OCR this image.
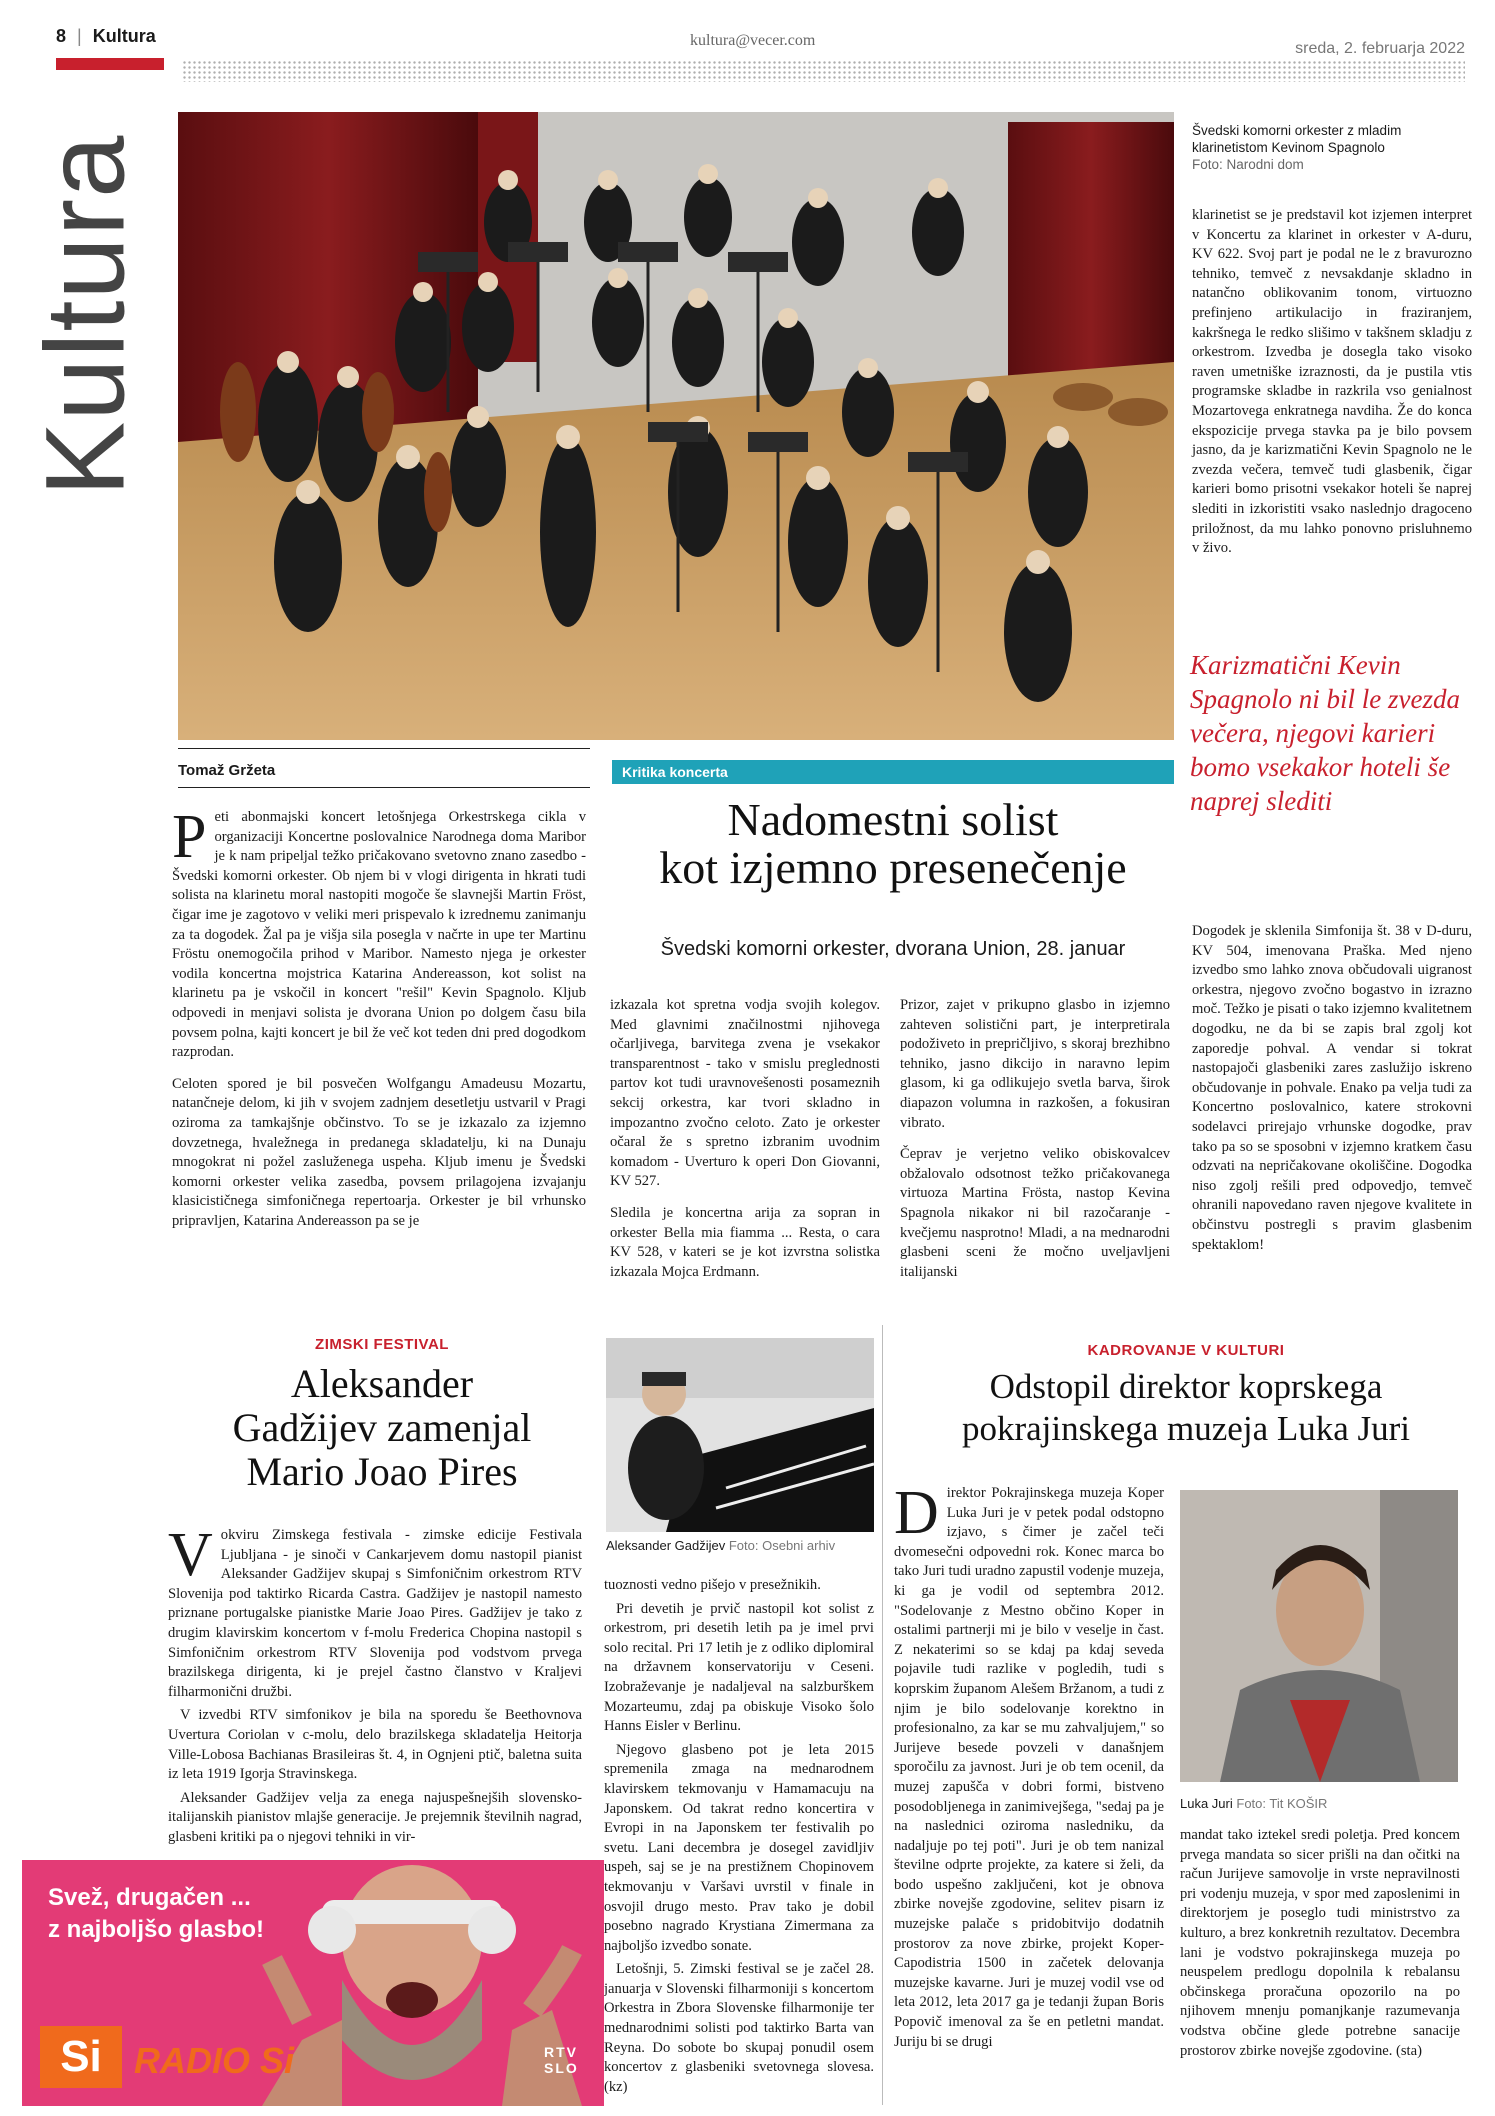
8 | Kultura	kultura@vecer.com	sreda, 2. februarja 2022
Kultura
Švedski komorni orkester z mladim klarinetistom Kevinom Spagnolo
Foto: Narodni dom
Tomaž Gržeta	Kritika koncerta
Nadomestni solist
kot izjemno presenečenje
Švedski komorni orkester, dvorana Union, 28. januar

Peti abonmajski koncert letošnjega Orkestrskega cikla v organizaciji Koncertne poslovalnice Narodnega doma Maribor je k nam pripeljal težko pričakovano svetovno znano zasedbo - Švedski komorni orkester. Ob njem bi v vlogi dirigenta in hkrati tudi solista na klarinetu moral nastopiti mogoče še slavnejši Martin Fröst, čigar ime je zagotovo v veliki meri prispevalo k izrednemu zanimanju za ta dogodek. Žal pa je višja sila posegla v načrte in upe ter Martinu Fröstu onemogočila prihod v Maribor. Namesto njega je orkester vodila koncertna mojstrica Katarina Andereasson, kot solist na klarinetu pa je vskočil in koncert "rešil" Kevin Spagnolo. Kljub odpovedi in menjavi solista je dvorana Union po dolgem času bila povsem polna, kajti koncert je bil že več kot teden dni pred dogodkom razprodan.

Celoten spored je bil posvečen Wolfgangu Amadeusu Mozartu, natančneje delom, ki jih v svojem zadnjem desetletju ustvaril v Pragi oziroma za tamkajšnje občinstvo. To se je izkazalo za izjemno dovzetnega, hvaležnega in predanega skladatelju, ki na Dunaju mnogokrat ni požel zasluženega uspeha. Kljub imenu je Švedski komorni orkester velika zasedba, povsem prilagojena izvajanju klasicističnega simfoničnega repertoarja. Orkester je bil vrhunsko pripravljen, Katarina Andereasson pa se je

izkazala kot spretna vodja svojih kolegov. Med glavnimi značilnostmi njihovega očarljivega, barvitega zvena je vsekakor transparentnost - tako v smislu preglednosti partov kot tudi uravnovešenosti posameznih sekcij orkestra, kar tvori skladno in impozantno zvočno celoto. Zato je orkester očaral že s spretno izbranim uvodnim komadom - Uverturo k operi Don Giovanni, KV 527.

Sledila je koncertna arija za sopran in orkester Bella mia fiamma ... Resta, o cara KV 528, v kateri se je kot izvrstna solistka izkazala Mojca Erdmann.

Prizor, zajet v prikupno glasbo in izjemno zahteven solistični part, je interpretirala podoživeto in prepričljivo, s skoraj brezhibno tehniko, jasno dikcijo in naravno lepim glasom, ki ga odlikujejo svetla barva, širok diapazon volumna in razkošen, a fokusiran vibrato.

Čeprav je verjetno veliko obiskovalcev obžalovalo odsotnost težko pričakovanega virtuoza Martina Frösta, nastop Kevina Spagnola nikakor ni bil razočaranje - kvečjemu nasprotno! Mladi, a na mednarodni glasbeni sceni že močno uveljavljeni italijanski

klarinetist se je predstavil kot izjemen interpret v Koncertu za klarinet in orkester v A-duru, KV 622. Svoj part je podal ne le z bravurozno tehniko, temveč z nevsakdanje skladno in natančno oblikovanim tonom, virtuozno prefinjeno artikulacijo in fraziranjem, kakršnega le redko slišimo v takšnem skladju z orkestrom. Izvedba je dosegla tako visoko raven umetniške izraznosti, da je pustila vtis programske skladbe in razkrila vso genialnost Mozartovega enkratnega navdiha. Že do konca ekspozicije prvega stavka pa je bilo povsem jasno, da je karizmatični Kevin Spagnolo ne le zvezda večera, temveč tudi glasbenik, čigar karieri bomo prisotni vsekakor hoteli še naprej slediti in izkoristiti vsako naslednjo dragoceno priložnost, da mu lahko ponovno prisluhnemo v živo.

Karizmatični Kevin Spagnolo ni bil le zvezda večera, njegovi karieri bomo vsekakor hoteli še naprej slediti

Dogodek je sklenila Simfonija št. 38 v D-duru, KV 504, imenovana Praška. Med njeno izvedbo smo lahko znova občudovali uigranost orkestra, njegovo zvočno bogastvo in izrazno moč. Težko je pisati o tako izjemno kvalitetnem dogodku, ne da bi se zapis bral zgolj kot zaporedje pohval. A vendar si tokrat nastopajoči glasbeniki zares zaslužijo iskreno občudovanje in pohvale. Enako pa velja tudi za Koncertno poslovalnico, katere strokovni sodelavci prirejajo vrhunske dogodke, prav tako pa so se sposobni v izjemno kratkem času odzvati na nepričakovane okoliščine. Dogodka niso zgolj rešili pred odpovedjo, temveč ohranili napovedano raven njegove kvalitete in občinstvu postregli s pravim glasbenim spektaklom!

ZIMSKI FESTIVAL
Aleksander
Gadžijev zamenjal
Mario Joao Pires

Vokviru Zimskega festivala - zimske edicije Festivala Ljubljana - je sinoči v Cankarjevem domu nastopil pianist Aleksander Gadžijev skupaj s Simfoničnim orkestrom RTV Slovenija pod taktirko Ricarda Castra. Gadžijev je nastopil namesto priznane portugalske pianistke Marie Joao Pires. Gadžijev je tako z drugim klavirskim koncertom v f-molu Frederica Chopina nastopil s Simfoničnim orkestrom RTV Slovenija pod vodstvom prvega brazilskega dirigenta, ki je prejel častno članstvo v Kraljevi filharmonični družbi.

V izvedbi RTV simfonikov je bila na sporedu še Beethovnova Uvertura Coriolan v c-molu, delo brazilskega skladatelja Heitorja Ville-Lobosa Bachianas Brasileiras št. 4, in Ognjeni ptič, baletna suita iz leta 1919 Igorja Stravinskega.

Aleksander Gadžijev velja za enega najuspešnejših slovensko-italijanskih pianistov mlajše generacije. Je prejemnik številnih nagrad, glasbeni kritiki pa o njegovi tehniki in vir-

Aleksander Gadžijev Foto: Osebni arhiv

tuoznosti vedno pišejo v presežnikih.

Pri devetih je prvič nastopil kot solist z orkestrom, pri desetih letih pa je imel prvi solo recital. Pri 17 letih je z odliko diplomiral na državnem konservatoriju v Ceseni. Izobraževanje je nadaljeval na salzburškem Mozarteumu, zdaj pa obiskuje Visoko šolo Hanns Eisler v Berlinu.

Njegovo glasbeno pot je leta 2015 spremenila zmaga na mednarodnem klavirskem tekmovanju v Hamamacuju na Japonskem. Od takrat redno koncertira v Evropi in na Japonskem ter festivalih po svetu. Lani decembra je dosegel zavidljiv uspeh, saj se je na prestižnem Chopinovem tekmovanju v Varšavi uvrstil v finale in osvojil drugo mesto. Prav tako je dobil posebno nagrado Krystiana Zimermana za najboljšo izvedbo sonate.

Letošnji, 5. Zimski festival se je začel 28. januarja v Slovenski filharmoniji s koncertom Orkestra in Zbora Slovenske filharmonije ter mednarodnimi solisti pod taktirko Barta van Reyna. Do sobote bo skupaj ponudil osem koncertov z glasbeniki svetovnega slovesa. (kz)

KADROVANJE V KULTURI
Odstopil direktor koprskega
pokrajinskega muzeja Luka Juri

Direktor Pokrajinskega muzeja Koper Luka Juri je v petek podal odstopno izjavo, s čimer je začel teči dvomesečni odpovedni rok. Konec marca bo tako Juri tudi uradno zapustil vodenje muzeja, ki ga je vodil od septembra 2012. "Sodelovanje z Mestno občino Koper in ostalimi partnerji mi je bilo v veselje in čast. Z nekaterimi so se kdaj pa kdaj seveda pojavile tudi razlike v pogledih, tudi s koprskim županom Alešem Bržanom, a tudi z njim je bilo sodelovanje korektno in profesionalno, za kar se mu zahvaljujem," so Jurijeve besede povzeli v današnjem sporočilu za javnost. Juri je ob tem ocenil, da muzej zapušča v dobri formi, bistveno posodobljenega in zanimivejšega, "sedaj pa je na naslednici oziroma nasledniku, da nadaljuje po tej poti". Juri je ob tem nanizal številne odprte projekte, za katere si želi, da bodo uspešno zaključeni, kot je obnova zbirke novejše zgodovine, selitev pisarn iz muzejske palače s pridobitvijo dodatnih prostorov za nove zbirke, projekt Koper-Capodistria 1500 in začetek delovanja muzejske kavarne. Juri je muzej vodil vse od leta 2012, leta 2017 ga je tedanji župan Boris Popovič imenoval za še en petletni mandat. Juriju bi se drugi

Luka Juri Foto: Tit KOŠIR

mandat tako iztekel sredi poletja. Pred koncem prvega mandata so sicer prišli na dan očitki na račun Jurijeve samovolje in vrste nepravilnosti pri vodenju muzeja, v spor med zaposlenimi in direktorjem je poseglo tudi ministrstvo za kulturo, a brez konkretnih rezultatov. Decembra lani je vodstvo pokrajinskega muzeja po neuspelem predlogu dopolnila k rebalansu občinskega proračuna opozorilo na po njihovem mnenju pomanjkanje razumevanja vodstva občine glede potrebne sanacije prostorov zbirke novejše zgodovine. (sta)

Svež, drugačen ...
z najboljšo glasbo!
Si RADIO Si	RTV
SLO
